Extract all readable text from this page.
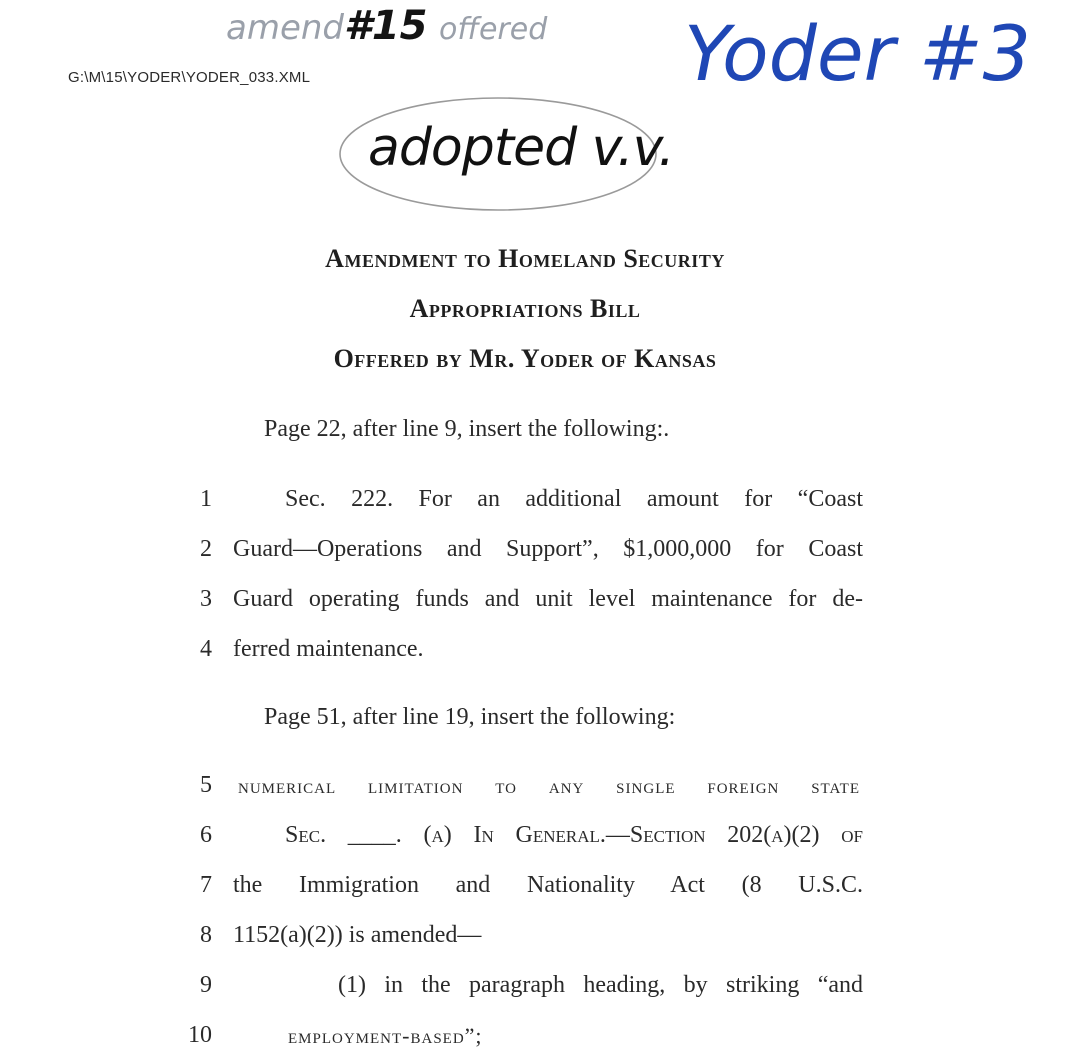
amend#15 offered Yoder #3
G:\M\15\YODER\YODER_033.XML
adopted v.v.
Amendment to Homeland Security
Appropriations Bill
Offered by Mr. Yoder of Kansas
Page 22, after line 9, insert the following:.
Page 51, after line 19, insert the following:
1	Sec. 222. For an additional amount for “Coast
2 Guard—Operations and Support”, $1,000,000 for Coast
3 Guard operating funds and unit level maintenance for de-
4 ferred maintenance.
5 numerical limitation to any single foreign state
6	Sec. ____. (a) In General.—Section 202(a)(2) of
7 the Immigration and Nationality Act (8 U.S.C.
8 1152(a)(2)) is amended—
9	(1) in the paragraph heading, by striking “and
10	employment-based”;
